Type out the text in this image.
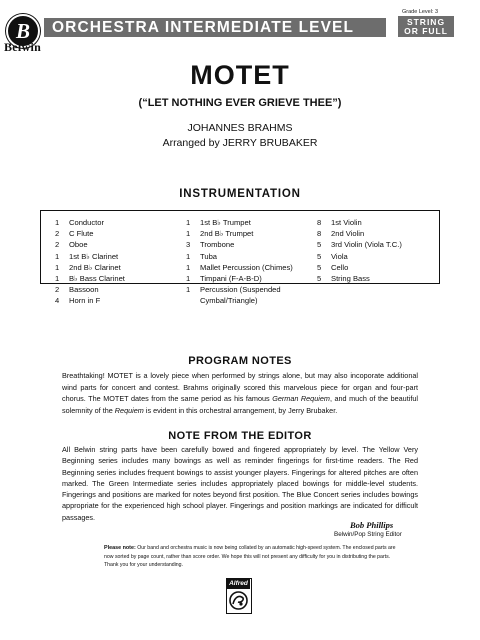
B
Belwin
ORCHESTRA INTERMEDIATE LEVEL
Grade Level: 3
STRING
OR FULL
MOTET
(“LET NOTHING EVER GRIEVE THEE”)
JOHANNES BRAHMS
Arranged by JERRY BRUBAKER
INSTRUMENTATION
1 Conductor
2 C Flute
2 Oboe
1 1st B♭ Clarinet
1 2nd B♭ Clarinet
1 B♭ Bass Clarinet
2 Bassoon
4 Horn in F
1 1st B♭ Trumpet
1 2nd B♭ Trumpet
3 Trombone
1 Tuba
1 Mallet Percussion (Chimes)
1 Timpani (F-A-B-D)
1 Percussion (Suspended
Cymbal/Triangle)
8 1st Violin
8 2nd Violin
5 3rd Violin (Viola T.C.)
5 Viola
5 Cello
5 String Bass
PROGRAM NOTES
Breathtaking! MOTET is a lovely piece when performed by strings alone, but may also incoporate additional wind parts for concert and contest. Brahms originally scored this marvelous piece for organ and four-part chorus. The MOTET dates from the same period as his famous German Requiem, and much of the beautiful solemnity of the Requiem is evident in this orchestral arrangement, by Jerry Brubaker.
NOTE FROM THE EDITOR
All Belwin string parts have been carefully bowed and fingered appropriately by level. The Yellow Very Beginning series includes many bowings as well as reminder fingerings for first-time readers. The Red Beginning series includes frequent bowings to assist younger players. Fingerings for altered pitches are often marked. The Green Intermediate series includes appropriately placed bowings for middle-level students. Fingerings and positions are marked for notes beyond first position. The Blue Concert series includes bowings appropriate for the experienced high school player. Fingerings and position markings are indicated for difficult passages.
Bob Phillips
Belwin/Pop String Editor
Please note: Our band and orchestra music is now being collated by an automatic high-speed system. The enclosed parts are now sorted by page count, rather than score order. We hope this will not present any difficulty for you in distributing the parts. Thank you for your understanding.
Alfred
